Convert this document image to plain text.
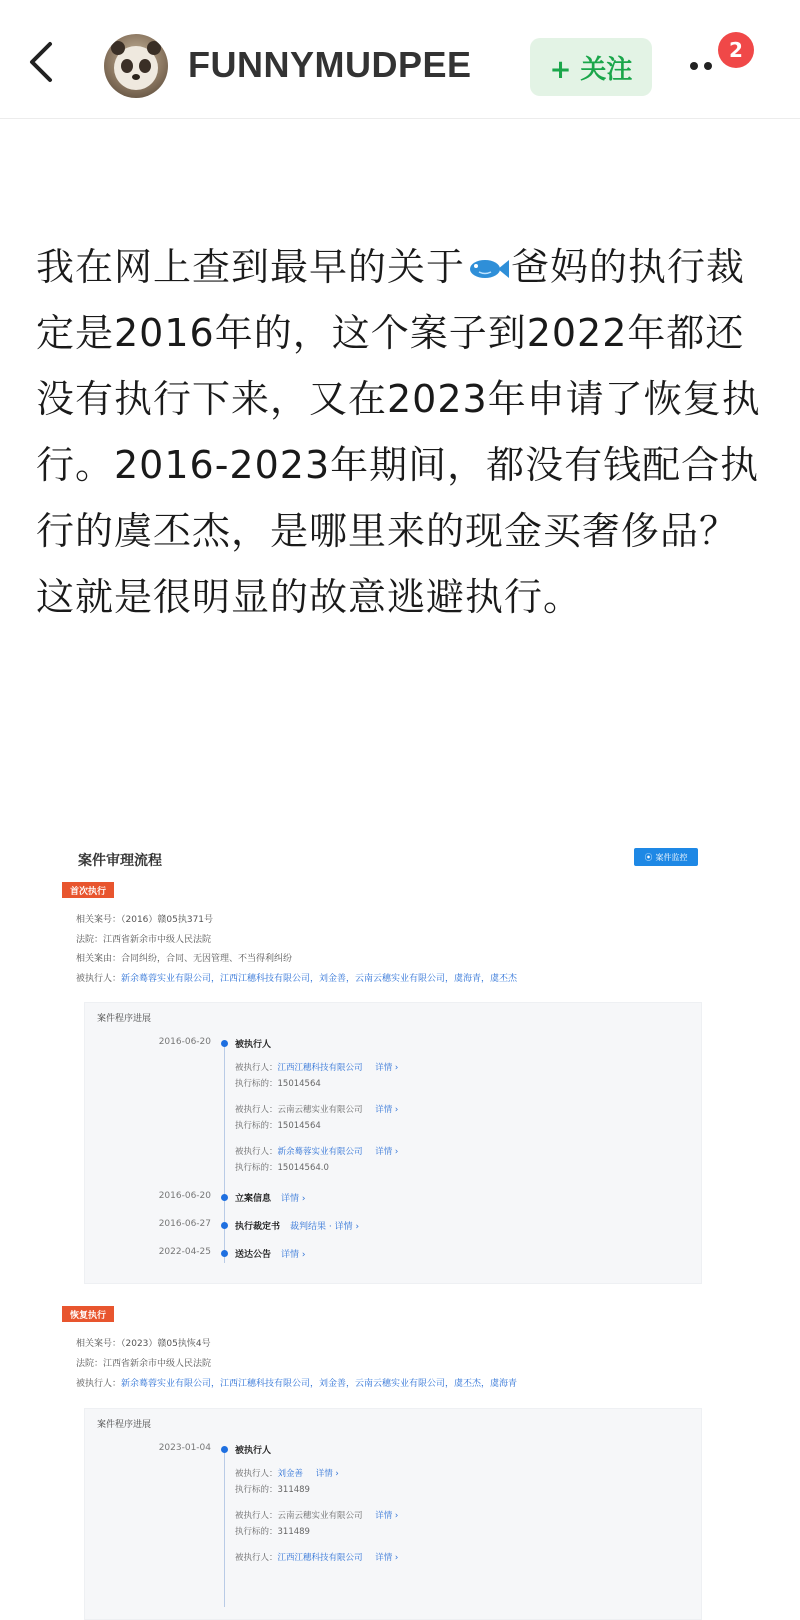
FUNNYMUDPEE	+ 关注
2
我在网上查到最早的关于 爸妈的执行裁定是2016年的，这个案子到2022年都还没有执行下来，又在2023年申请了恢复执行。2016-2023年期间，都没有钱配合执行的虞丕杰，是哪里来的现金买奢侈品？这就是很明显的故意逃避执行。
案件审理流程	⦿ 案件监控
首次执行
相关案号：（2016）赣05执371号
法院：江西省新余市中级人民法院
相关案由：合同纠纷，合同、无因管理、不当得利纠纷
被执行人：新余蓦蓉实业有限公司，江西江穗科技有限公司，刘金善，云南云穗实业有限公司，虞海青，虞丕杰
案件程序进展
2016-06-20	被执行人
被执行人：江西江穗科技有限公司 详情 ›
执行标的：15014564
被执行人：云南云穗实业有限公司 详情 ›
执行标的：15014564
被执行人：新余蓦蓉实业有限公司 详情 ›
执行标的：15014564.0
2016-06-20	立案信息 详情 ›
2016-06-27	执行裁定书 裁判结果 · 详情 ›
2022-04-25	送达公告 详情 ›
恢复执行
相关案号：（2023）赣05执恢4号
法院：江西省新余市中级人民法院
被执行人：新余蓦蓉实业有限公司，江西江穗科技有限公司，刘金善，云南云穗实业有限公司，虞丕杰，虞海青
案件程序进展
2023-01-04	被执行人
被执行人：刘金善 详情 ›
执行标的：311489
被执行人：云南云穗实业有限公司 详情 ›
执行标的：311489
被执行人：江西江穗科技有限公司 详情 ›
